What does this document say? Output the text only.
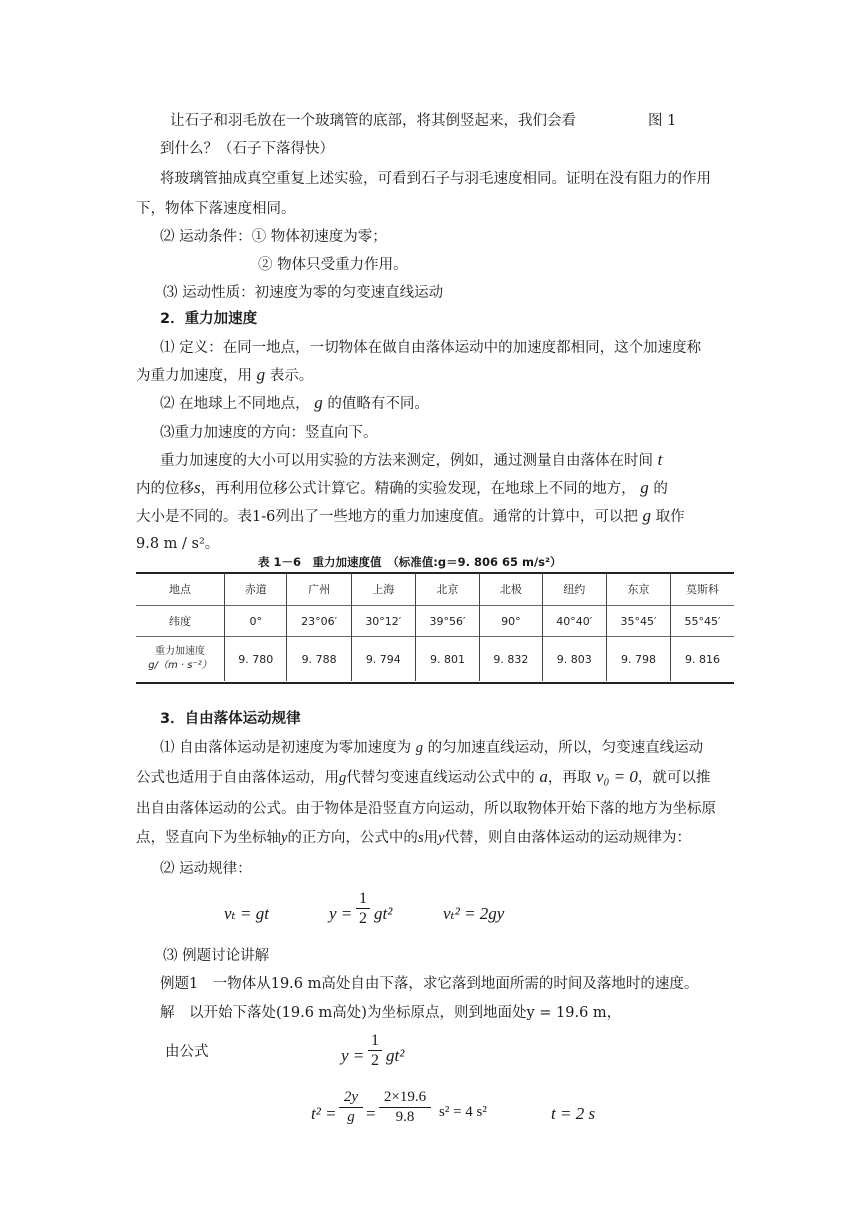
让石子和羽毛放在一个玻璃管的底部，将其倒竖起来，我们会看	图 1
到什么？（石子下落得快）
将玻璃管抽成真空重复上述实验，可看到石子与羽毛速度相同。证明在没有阻力的作用
下，物体下落速度相同。
⑵ 运动条件：① 物体初速度为零；
② 物体只受重力作用。
⑶ 运动性质：初速度为零的匀变速直线运动
2．重力加速度
⑴ 定义：在同一地点，一切物体在做自由落体运动中的加速度都相同，这个加速度称
为重力加速度，用 g 表示。
⑵ 在地球上不同地点， g 的值略有不同。
⑶重力加速度的方向：竖直向下。
重力加速度的大小可以用实验的方法来测定，例如，通过测量自由落体在时间 t
内的位移s，再利用位移公式计算它。精确的实验发现，在地球上不同的地方， g 的
大小是不同的。表1-6列出了一些地方的重力加速度值。通常的计算中，可以把 g 取作
9.8 m / s²。
表 1－6　重力加速度值　（标准值:g＝9. 806 65 m/s²）
地点	赤道	广州	上海	北京	北极	纽约	东京	莫斯科
纬度	0°	23°06′	30°12′	39°56′	90°	40°40′	35°45′	55°45′

重力加速度
g/（m · s⁻²）	9. 780	9. 788	9. 794	9. 801	9. 832	9. 803	9. 798	9. 816
3．自由落体运动规律
⑴ 自由落体运动是初速度为零加速度为 g 的匀加速直线运动，所以，匀变速直线运动
公式也适用于自由落体运动，用g代替匀变速直线运动公式中的 a，再取 v₀ = 0，就可以推
出自由落体运动的公式。由于物体是沿竖直方向运动，所以取物体开始下落的地方为坐标原
点，竖直向下为坐标轴y的正方向，公式中的s用y代替，则自由落体运动的运动规律为：
⑵ 运动规律：
vₜ = gt	$y = \frac{1}{2} gt^2$	vₜ² = 2gy
⑶ 例题讨论讲解
例题1　一物体从19.6 m高处自由下落，求它落到地面所需的时间及落地时的速度。
解　以开始下落处(19.6 m高处)为坐标原点，则到地面处y = 19.6 m，
由公式	$y = \frac{1}{2} gt^2$
$t^2 = \frac{2y}{g} = \frac{2\times 19.6}{9.8} s^2 = 4$ s²	t = 2 s
